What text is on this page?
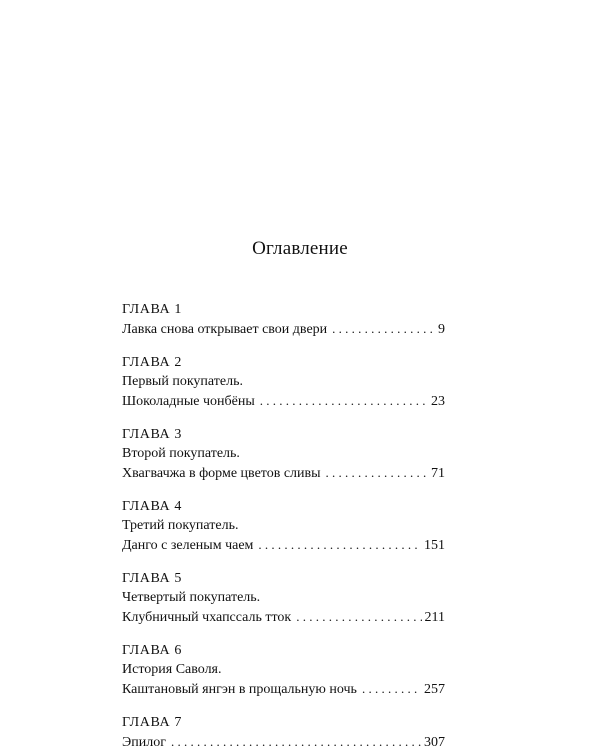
Оглавление
ГЛАВА 1
Лавка снова открывает свои двери . . .	9
ГЛАВА 2
Первый покупатель.
Шоколадные чонбёны . . .	23
ГЛАВА 3
Второй покупатель.
Хвагвачжа в форме цветов сливы . . .	71
ГЛАВА 4
Третий покупатель.
Данго с зеленым чаем . . .	151
ГЛАВА 5
Четвертый покупатель.
Клубничный чхапссаль тток . . .	211
ГЛАВА 6
История Саволя.
Каштановый янгэн в прощальную ночь . . .	257
ГЛАВА 7
Эпилог . . .	307
